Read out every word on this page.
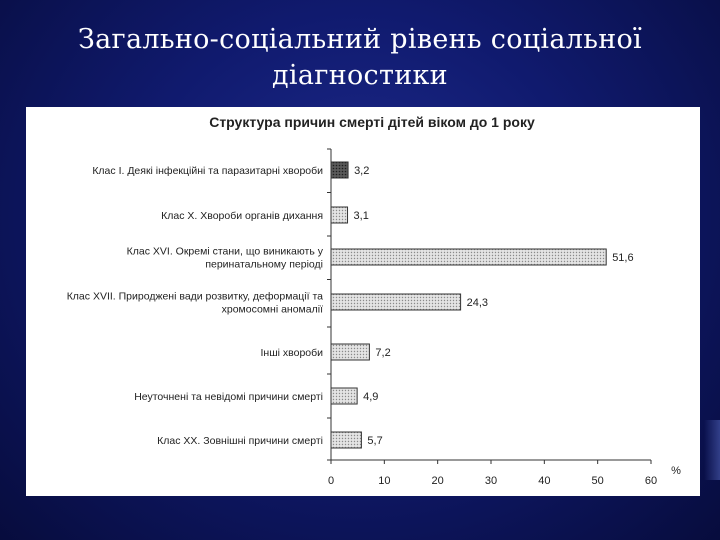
Загально-соціальний рівень соціальної
діагностики
Структура причин смерті дітей віком до 1 року
%
0	10	20	30	40	50	60
3,2
Клас І. Деякі інфекційні та паразитарні хвороби
3,1
Клас Х. Хвороби органів дихання
51,6
Клас XVI. Окремі стани, що виникають у
перинатальному періоді
24,3
Клас XVII. Природжені вади розвитку, деформації та
хромосомні аномалії
7,2
Інші хвороби
4,9
Неуточнені та невідомі причини смерті
5,7
Клас ХХ. Зовнішні причини смерті
